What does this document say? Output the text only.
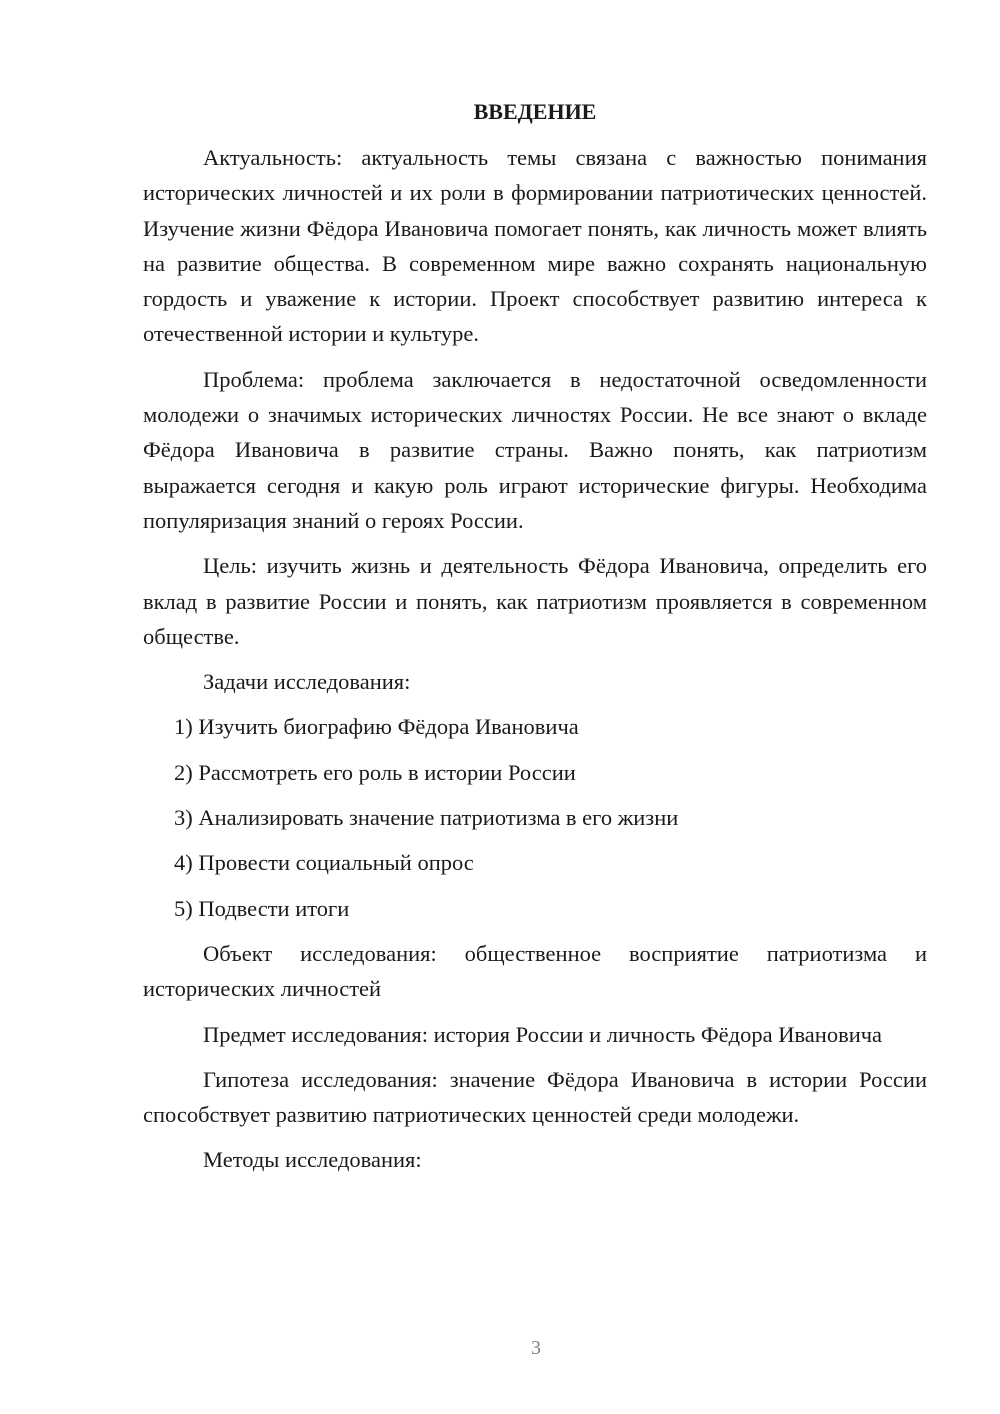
ВВЕДЕНИЕ

Актуальность: актуальность темы связана с важностью понимания исторических личностей и их роли в формировании патриотических ценностей. Изучение жизни Фёдора Ивановича помогает понять, как личность может влиять на развитие общества. В современном мире важно сохранять национальную гордость и уважение к истории. Проект способствует развитию интереса к отечественной истории и культуре.

Проблема: проблема заключается в недостаточной осведомленности молодежи о значимых исторических личностях России. Не все знают о вкладе Фёдора Ивановича в развитие страны. Важно понять, как патриотизм выражается сегодня и какую роль играют исторические фигуры. Необходима популяризация знаний о героях России.

Цель: изучить жизнь и деятельность Фёдора Ивановича, определить его вклад в развитие России и понять, как патриотизм проявляется в современном обществе.

Задачи исследования:

1) Изучить биографию Фёдора Ивановича

2) Рассмотреть его роль в истории России

3) Анализировать значение патриотизма в его жизни

4) Провести социальный опрос

5) Подвести итоги

Объект исследования: общественное восприятие патриотизма и исторических личностей

Предмет исследования: история России и личность Фёдора Ивановича

Гипотеза исследования: значение Фёдора Ивановича в истории России способствует развитию патриотических ценностей среди молодежи.

Методы исследования:

3
